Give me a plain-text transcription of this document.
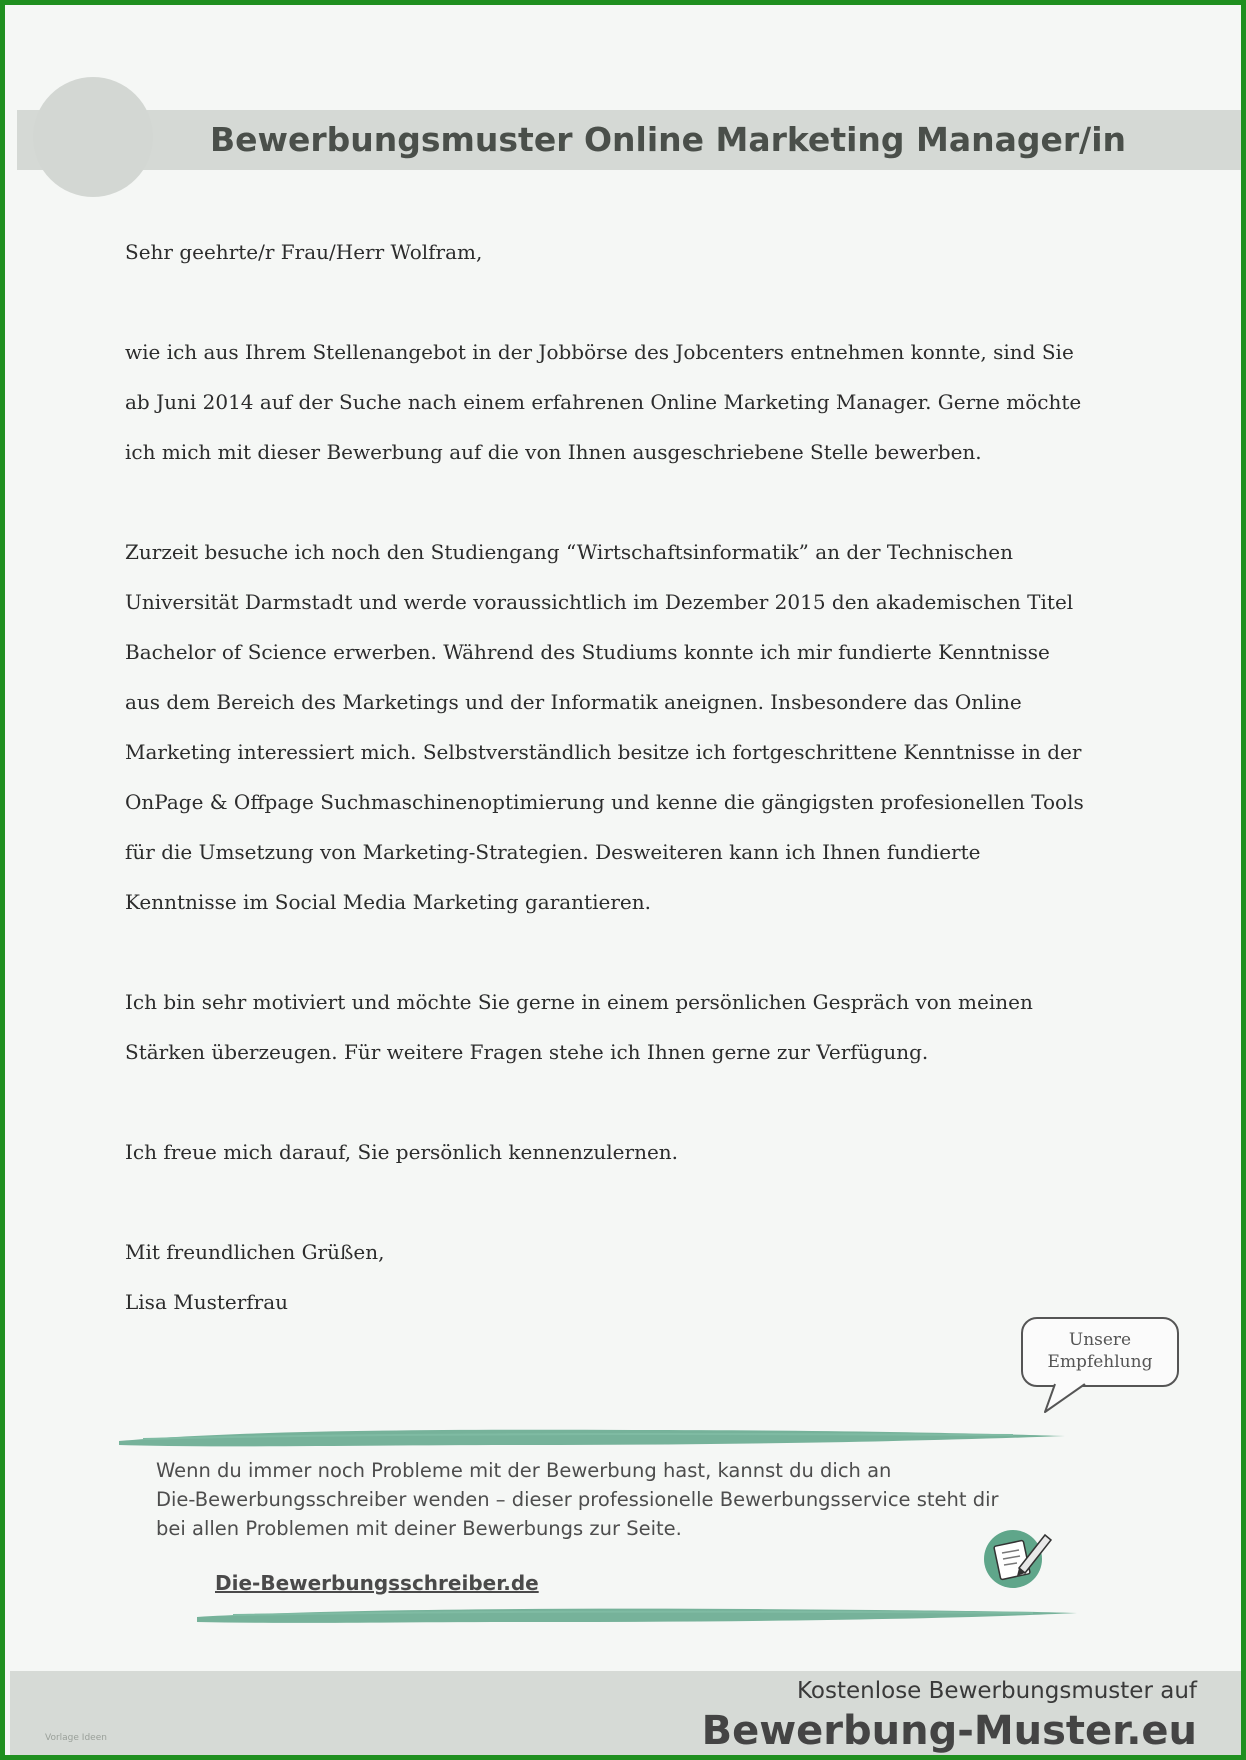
Bewerbungsmuster Online Marketing Manager/in

Sehr geehrte/r Frau/Herr Wolfram,

wie ich aus Ihrem Stellenangebot in der Jobbörse des Jobcenters entnehmen konnte, sind Sie
ab Juni 2014 auf der Suche nach einem erfahrenen Online Marketing Manager. Gerne möchte
ich mich mit dieser Bewerbung auf die von Ihnen ausgeschriebene Stelle bewerben.

Zurzeit besuche ich noch den Studiengang “Wirtschaftsinformatik” an der Technischen
Universität Darmstadt und werde voraussichtlich im Dezember 2015 den akademischen Titel
Bachelor of Science erwerben. Während des Studiums konnte ich mir fundierte Kenntnisse
aus dem Bereich des Marketings und der Informatik aneignen. Insbesondere das Online
Marketing interessiert mich. Selbstverständlich besitze ich fortgeschrittene Kenntnisse in der
OnPage & Offpage Suchmaschinenoptimierung und kenne die gängigsten profesionellen Tools
für die Umsetzung von Marketing-Strategien. Desweiteren kann ich Ihnen fundierte
Kenntnisse im Social Media Marketing garantieren.

Ich bin sehr motiviert und möchte Sie gerne in einem persönlichen Gespräch von meinen
Stärken überzeugen. Für weitere Fragen stehe ich Ihnen gerne zur Verfügung.

Ich freue mich darauf, Sie persönlich kennenzulernen.

Mit freundlichen Grüßen,

Lisa Musterfrau

Unsere
Empfehlung
Wenn du immer noch Probleme mit der Bewerbung hast, kannst du dich an
Die-Bewerbungsschreiber wenden – dieser professionelle Bewerbungsservice steht dir
bei allen Problemen mit deiner Bewerbungs zur Seite.
Die-Bewerbungsschreiber.de
Vorlage Ideen
Kostenlose Bewerbungsmuster auf
Bewerbung-Muster.eu
